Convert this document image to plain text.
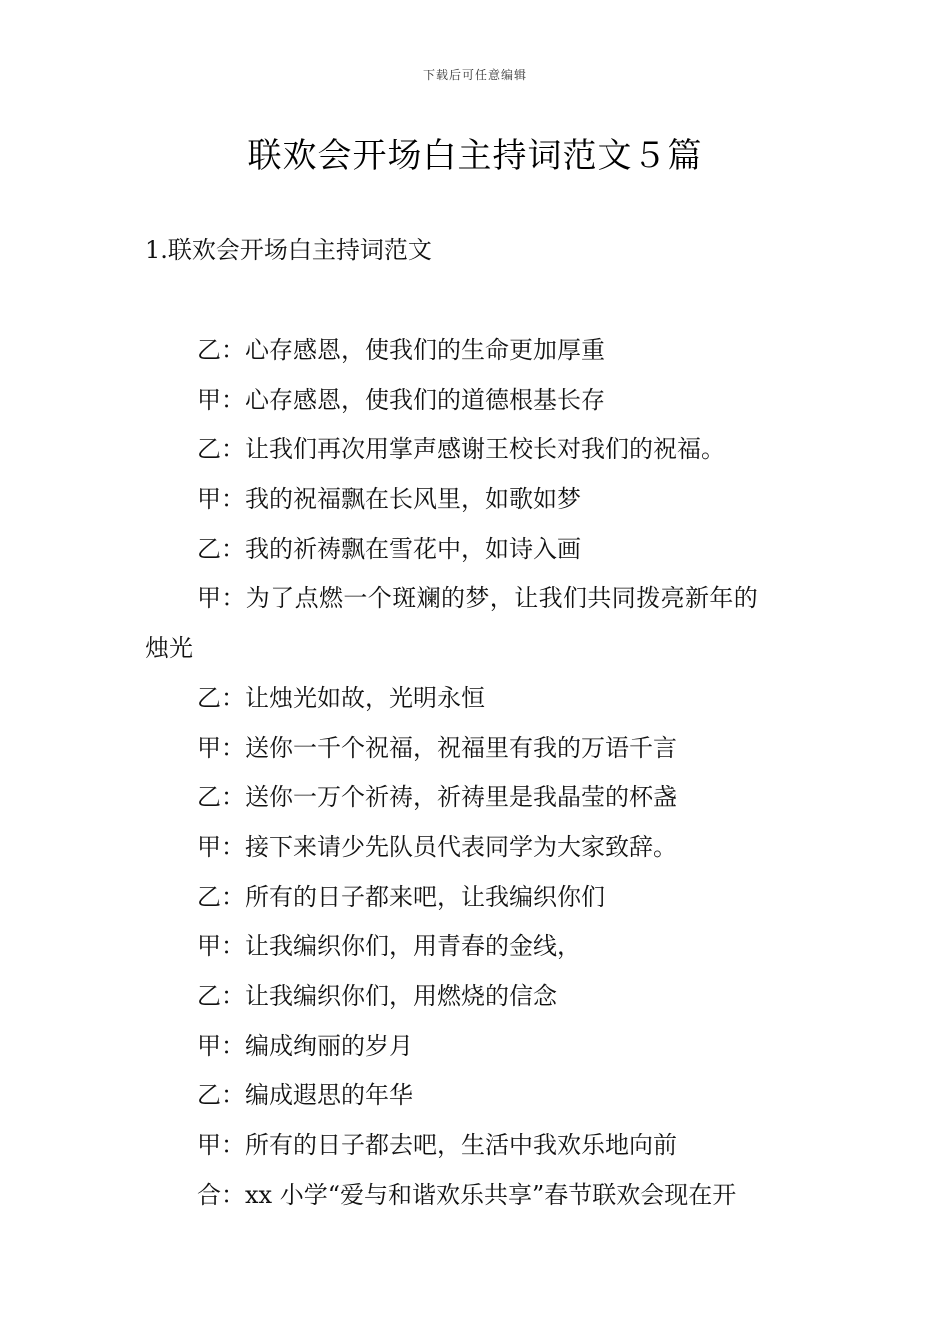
下载后可任意编辑
联欢会开场白主持词范文５篇
1.联欢会开场白主持词范文
乙：心存感恩，使我们的生命更加厚重
甲：心存感恩，使我们的道德根基长存
乙：让我们再次用掌声感谢王校长对我们的祝福。
甲：我的祝福飘在长风里，如歌如梦
乙：我的祈祷飘在雪花中，如诗入画
甲：为了点燃一个斑斓的梦，让我们共同拨亮新年的
烛光
乙：让烛光如故，光明永恒
甲：送你一千个祝福，祝福里有我的万语千言
乙：送你一万个祈祷，祈祷里是我晶莹的杯盏
甲：接下来请少先队员代表同学为大家致辞。
乙：所有的日子都来吧，让我编织你们
甲：让我编织你们，用青春的金线，
乙：让我编织你们，用燃烧的信念
甲：编成绚丽的岁月
乙：编成遐思的年华
甲：所有的日子都去吧，生活中我欢乐地向前
合：xx 小学“爱与和谐欢乐共享”春节联欢会现在开
